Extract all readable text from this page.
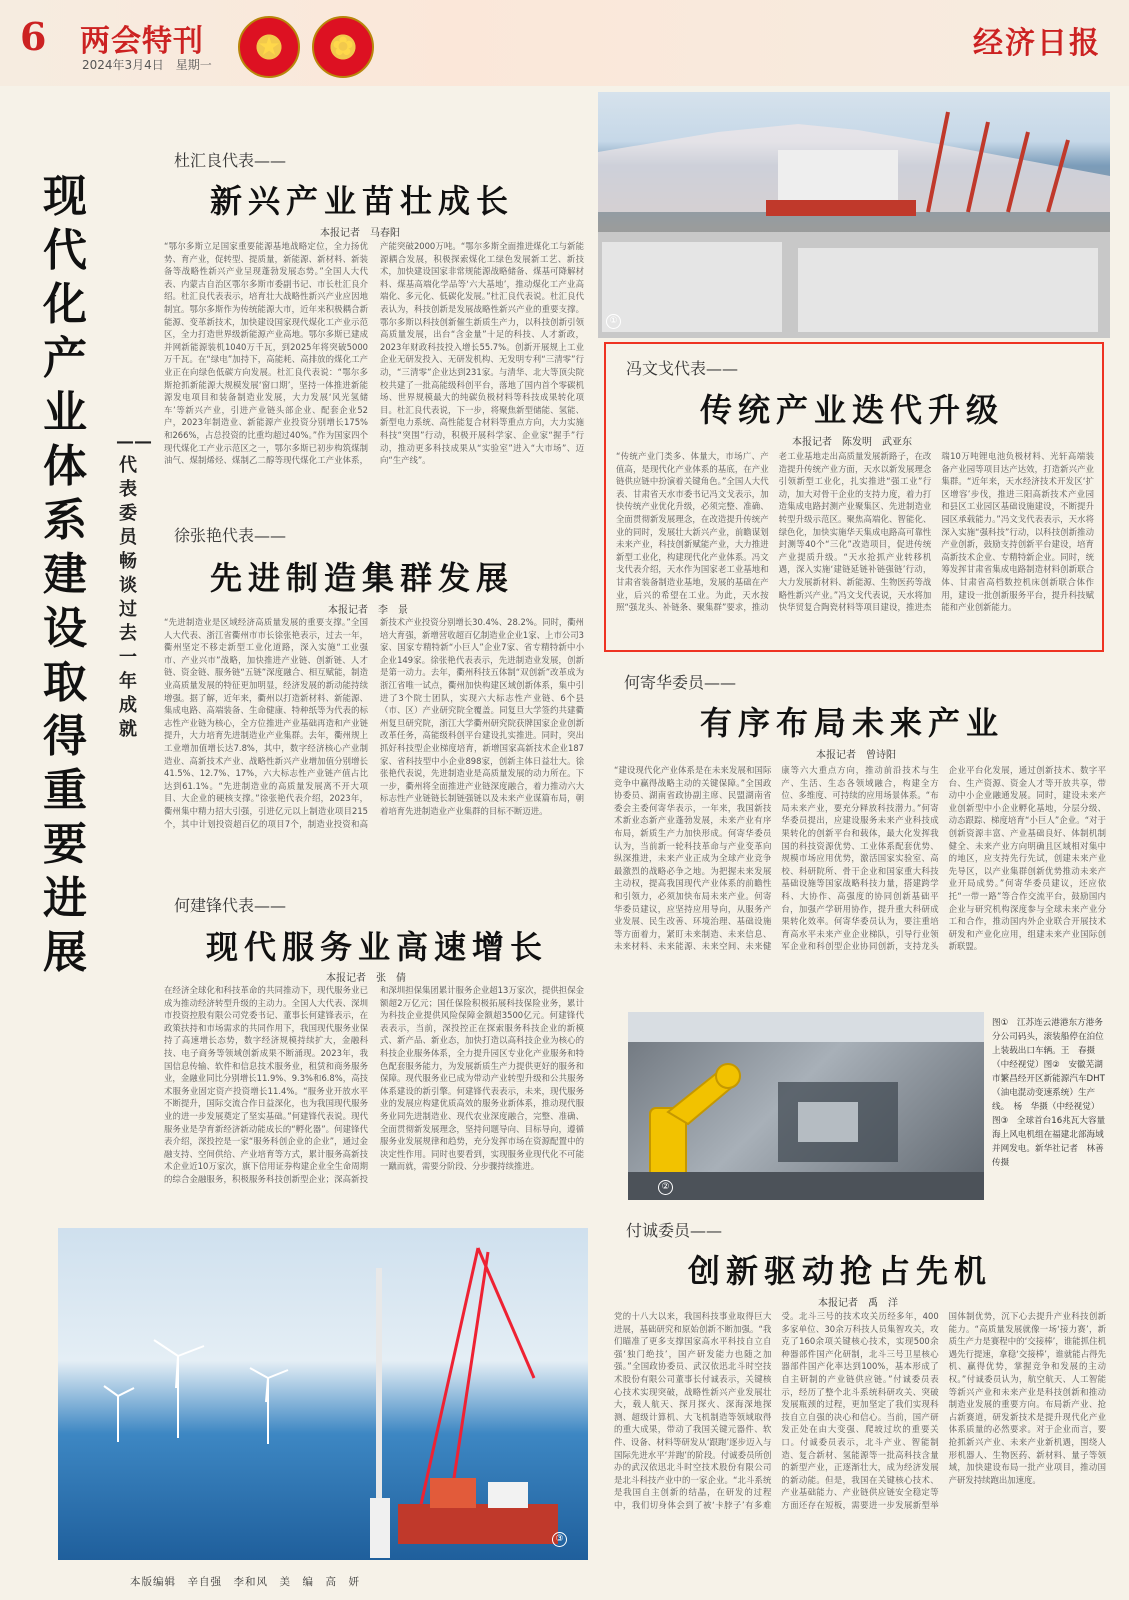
6 两会特刊
2024年3月4日　星期一
★	✿	经济日报
现代化产业体系建设取得重要进展
——代表委员畅谈过去一年成就
杜汇良代表——
新兴产业苗壮成长
本报记者　马春阳
“鄂尔多斯立足国家重要能源基地战略定位，全力扬优势、育产业，促转型、提质量，新能源、新材料、新装备等战略性新兴产业呈现蓬勃发展态势。”全国人大代表、内蒙古自治区鄂尔多斯市委副书记、市长杜汇良介绍。杜汇良代表表示，培育壮大战略性新兴产业应因地制宜。鄂尔多斯作为传统能源大市，近年来积极耦合新能源、变革新技术，加快建设国家现代煤化工产业示范区，全力打造世界级新能源产业高地。鄂尔多斯已建成并网新能源装机1040万千瓦，到2025年将突破5000万千瓦。在“绿电”加持下，高能耗、高排放的煤化工产业正在向绿色低碳方向发展。杜汇良代表说：“鄂尔多斯抢抓新能源大规模发展‘窗口期’，坚持一体推进新能源发电项目和装备制造业发展，大力发展‘风光氢储车’等新兴产业，引进产业链头部企业、配套企业52户，2023年制造业、新能源产业投资分别增长175%和266%，占总投资的比重均超过40%。”作为国家四个现代煤化工产业示范区之一，鄂尔多斯已初步构筑煤制油气、煤制烯烃、煤制乙二醇等现代煤化工产业体系，产能突破2000万吨。“鄂尔多斯全面推进煤化工与新能源耦合发展，积极探索煤化工绿色发展新工艺、新技术，加快建设国家非常规能源战略储备、煤基可降解材料、煤基高端化学品等‘六大基地’，推动煤化工产业高端化、多元化、低碳化发展。”杜汇良代表说。杜汇良代表认为，科技创新是发展战略性新兴产业的重要支撑。鄂尔多斯以科技创新催生新质生产力，以科技创新引领高质量发展，出台“含金量”十足的科技、人才新政，2023年财政科技投入增长55.7%。创新开展规上工业企业无研发投入、无研发机构、无发明专利“三清零”行动，“三清零”企业达到231家。与清华、北大等顶尖院校共建了一批高能级科创平台，落地了国内首个零碳机场、世界规模最大的纯碳负极材料等科技成果转化项目。杜汇良代表说，下一步，将聚焦新型储能、氢能、新型电力系统、高性能复合材料等重点方向，大力实施科技“突围”行动，积极开展科学家、企业家“握手”行动，推动更多科技成果从“实验室”进入“大市场”、迈向“生产线”。
徐张艳代表——
先进制造集群发展
本报记者　李　景
“先进制造业是区域经济高质量发展的重要支撑。”全国人大代表、浙江省衢州市市长徐张艳表示，过去一年，衢州坚定不移走新型工业化道路，深入实施“工业强市、产业兴市”战略，加快推进产业链、创新链、人才链、资金链、服务链“五链”深度融合、相互赋能，制造业高质量发展的特征更加明显，经济发展的新动能持续增强。据了解，近年来，衢州以打造新材料、新能源、集成电路、高端装备、生命健康、特种纸等为代表的标志性产业链为核心，全方位推进产业基础再造和产业链提升，大力培育先进制造业产业集群。去年，衢州规上工业增加值增长达7.8%，其中，数字经济核心产业制造业、高新技术产业、战略性新兴产业增加值分别增长41.5%、12.7%、17%，六大标志性产业链产值占比达到61.1%。“先进制造业的高质量发展离不开大项目、大企业的硬核支撑。”徐张艳代表介绍，2023年，衢州集中精力招大引强，引进亿元以上制造业项目215个，其中计划投资超百亿的项目7个，制造业投资和高新技术产业投资分别增长30.4%、28.2%。同时，衢州培大育强，新增营收超百亿制造业企业1家、上市公司3家、国家专精特新“小巨人”企业7家、省专精特新中小企业149家。徐张艳代表表示，先进制造业发展，创新是第一动力。去年，衢州科技五体制“双创新”改革成为浙江省唯一试点，衢州加快构建区域创新体系，集中引进了3个院士团队，实现六大标志性产业链、6个县（市、区）产业研究院全覆盖。同复旦大学签约共建衢州复旦研究院，浙江大学衢州研究院获牌国家企业创新改革任务，高能级科创平台建设扎实推进。同时，突出抓好科技型企业梯度培育，新增国家高新技术企业187家、省科技型中小企业898家，创新主体日益壮大。徐张艳代表说，先进制造业是高质量发展的动力所在。下一步，衢州将全面推进产业链深度融合，着力推动六大标志性产业链链长制链强链以及未来产业谋篇布局，朝着培育先进制造业产业集群的目标不断迈进。
何建锋代表——
现代服务业高速增长
本报记者　张　倩
在经济全球化和科技革命的共同推动下，现代服务业已成为推动经济转型升级的主动力。全国人大代表、深圳市投资控股有限公司党委书记、董事长何建锋表示，在政策扶持和市场需求的共同作用下，我国现代服务业保持了高速增长态势，数字经济规模持续扩大，金融科技、电子商务等领域创新成果不断涌现。2023年，我国信息传输、软件和信息技术服务业，租赁和商务服务业，金融业同比分别增长11.9%、9.3%和6.8%，高技术服务业固定资产投资增长11.4%。“服务业开放水平不断提升，国际交流合作日益深化，也为我国现代服务业的进一步发展奠定了坚实基础。”何建锋代表说。现代服务业是孕育新经济新动能成长的“孵化器”。何建锋代表介绍，深投控是一家“服务科创企业的企业”，通过金融支持、空间供给、产业培育等方式，累计服务高新技术企业近10万家次，旗下信用证券构建企业全生命周期的综合金融服务，积极服务科技创新型企业；深高新投和深圳担保集团累计服务企业超13万家次，提供担保金额超2万亿元；国任保险积极拓展科技保险业务，累计为科技企业提供风险保障金额超3500亿元。何建锋代表表示，当前，深投控正在探索服务科技企业的新模式、新产品、新业态，加快打造以高科技企业为核心的科技企业服务体系，全力提升园区专业化产业服务和特色配套服务能力，为发展新质生产力提供更好的服务和保障。现代服务业已成为带动产业转型升级和公共服务体系建设的新引擎。何建锋代表表示，未来，现代服务业的发展应构建优质高效的服务业新体系，推动现代服务业同先进制造业、现代农业深度融合，完整、准确、全面贯彻新发展理念，坚持问题导向、目标导向，遵循服务业发展规律和趋势，充分发挥市场在资源配置中的决定性作用。同时也要看到，实现服务业现代化不可能一蹴而就，需要分阶段、分步骤持续推进。
③
①
冯文戈代表——
传统产业迭代升级
本报记者　陈发明　武亚东
“传统产业门类多、体量大，市场广、产值高，是现代化产业体系的基底，在产业链供应链中扮演着关键角色。”全国人大代表、甘肃省天水市委书记冯文戈表示，加快传统产业优化升级，必须完整、准确、全面贯彻新发展理念，在改造提升传统产业的同时，发展壮大新兴产业，前瞻谋划未来产业，科技创新赋能产业，大力推进新型工业化，构建现代化产业体系。冯文戈代表介绍，天水作为国家老工业基地和甘肃省装备制造业基地，发展的基础在产业，后兴的希望在工业。为此，天水按照“强龙头、补链条、聚集群”要求，推动老工业基地走出高质量发展新路子，在改造提升传统产业方面，天水以新发展理念引领新型工业化，扎实推进“强工业”行动，加大对骨干企业的支持力度，着力打造集成电路封测产业聚集区、先进制造业转型升级示范区。聚焦高端化、智能化、绿色化，加快实施华天集成电路高可靠性封测等40个“三化”改造项目，促进传统产业提质升级。“天水抢抓产业转移机遇，深入实施‘建链延链补链强链’行动，大力发展新材料、新能源、生物医药等战略性新兴产业。”冯文戈代表说，天水将加快华贸复合陶瓷材料等项目建设，推进杰瑞10万吨锂电池负极材料、光轩高端装备产业园等项目达产达效，打造新兴产业集群。“近年来，天水经济技术开发区‘扩区增容’步伐，推进三阳高新技术产业园和县区工业园区基础设施建设，不断提升园区承载能力。”冯文戈代表表示，天水将深入实施“强科技”行动，以科技创新推动产业创新，鼓励支持创新平台建设，培育高新技术企业、专精特新企业。同时，统筹发挥甘肃省集成电路制造材料创新联合体、甘肃省高档数控机床创新联合体作用，建设一批创新服务平台，提升科技赋能和产业创新能力。
何寄华委员——
有序布局未来产业
本报记者　曾诗阳
“建设现代化产业体系是在未来发展和国际竞争中赢得战略主动的关键保障。”全国政协委员、湖南省政协副主席、民盟湖南省委会主委何寄华表示，一年来，我国新技术新业态新产业蓬勃发展，未来产业有序布局，新质生产力加快形成。何寄华委员认为，当前新一轮科技革命与产业变革向纵深推进，未来产业正成为全球产业竞争最激烈的战略必争之地。为把握未来发展主动权，提高我国现代产业体系的前瞻性和引领力，必须加快布局未来产业。何寄华委员建议，应坚持应用导向，从服务产业发展、民生改善、环境治理、基础设施等方面着力，紧盯未来制造、未来信息、未来材料、未来能源、未来空间、未来健康等六大重点方向，推动前沿技术与生产、生活、生态各领域融合，构建全方位、多维度、可持续的应用场景体系。“布局未来产业，要充分释放科技潜力。”何寄华委员提出，应建设服务未来产业科技成果转化的创新平台和载体，最大化发挥我国的科技资源优势、工业体系配套优势、规模市场应用优势，激活国家实验室、高校、科研院所、骨干企业和国家重大科技基础设施等国家战略科技力量，搭建跨学科、大协作、高强度的协同创新基础平台，加强产学研用协作，提升重大科研成果转化效率。何寄华委员认为，要注重培育高水平未来产业企业梯队，引导行业领军企业和科创型企业协同创新，支持龙头企业平台化发展，通过创新技术、数字平台、生产资源、资金人才等开放共享，带动中小企业融通发展。同时，建设未来产业创新型中小企业孵化基地，分层分级、动态跟踪、梯度培育“小巨人”企业。“对于创新资源丰富、产业基础良好、体制机制健全、未来产业方向明确且区域相对集中的地区，应支持先行先试，创建未来产业先导区，以产业集群创新优势推动未来产业开局成势。”何寄华委员建议，还应依托“一带一路”等合作交流平台，鼓励国内企业与研究机构深度参与全球未来产业分工和合作，推动国内外企业联合开展技术研发和产业化应用，组建未来产业国际创新联盟。
②
图①　江苏连云港港东方港务分公司码头，滚装船停在泊位上装载出口车辆。王　春摄（中经视觉）图②　安徽芜湖市繁昌经开区新能源汽车DHT（油电混动变速系统）生产线。　杨　华摄（中经视觉）图③　全球首台16兆瓦大容量海上风电机组在福建北部海域并网发电。新华社记者　林善传摄
付诚委员——
创新驱动抢占先机
本报记者　禹　洋
党的十八大以来，我国科技事业取得巨大进展，基础研究和原始创新不断加强。“我们瞄准了更多支撑国家高水平科技自立自强‘独门绝技’，国产研发能力也随之加强。”全国政协委员、武汉依迅北斗时空技术股份有限公司董事长付诚表示，关键核心技术实现突破，战略性新兴产业发展壮大，载人航天、探月探火、深海深地探测、超级计算机、大飞机制造等领域取得的重大成果，带动了我国关键元器件、软件、设备、材料等研发从‘跟跑’逐步迈入与国际先进水平‘并跑’的阶段。付诚委员所创办的武汉依迅北斗时空技术股份有限公司是北斗科技产业中的一家企业。“北斗系统是我国自主创新的结晶，在研发的过程中，我们切身体会到了被‘卡脖子’有多难受。北斗三号的技术攻关历经多年，400多家单位、30余万科技人员集智攻关，攻克了160余项关键核心技术，实现500余种器部件国产化研制，北斗三号卫星核心器部件国产化率达到100%，基本形成了自主研制的产业链供应链。”付诚委员表示，经历了整个北斗系统科研攻关、突破发展瓶颈的过程，更加坚定了我们实现科技自立自强的决心和信心。当前，国产研发正处在由大变强、爬坡过坎的重要关口。付诚委员表示，北斗产业、智能制造、复合新材、氢能源等一批高科技含量的新型产业，正逐渐壮大，成为经济发展的新动能。但是，我国在关键核心技术、产业基础能力、产业链供应链安全稳定等方面还存在短板，需要进一步发展新型举国体制优势，沉下心去提升产业科技创新能力。“高质量发展就像一场‘接力赛’，新质生产力是赛程中的‘交接棒’，谁能抓住机遇先行提速，拿稳‘交接棒’，谁就能占得先机、赢得优势，掌握竞争和发展的主动权。”付诚委员认为，航空航天、人工智能等新兴产业和未来产业是科技创新和推动制造业发展的重要方向。布局新产业、抢占新赛道，研发新技术是提升现代化产业体系质量的必然要求。对于企业而言，要抢抓新兴产业、未来产业新机遇，围绕人形机器人、生物医药、新材料、量子等领域，加快建设布局一批产业项目，推动国产研发持续跑出加速度。
本版编辑　辛自强　李和风　美　编　高　妍
